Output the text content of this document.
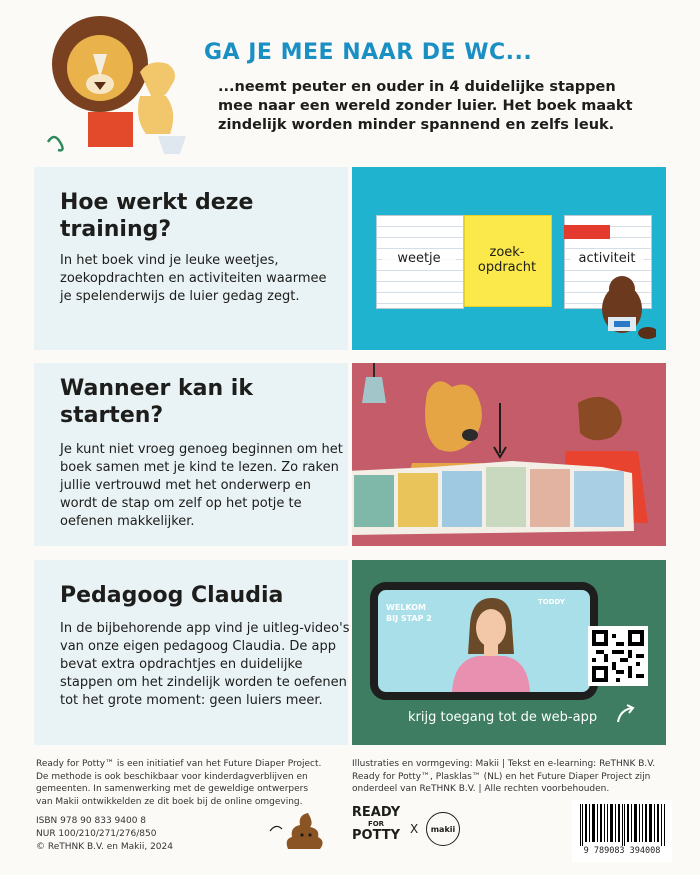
GA JE MEE NAAR DE WC...
...neemt peuter en ouder in 4 duidelijke stappen mee naar een wereld zonder luier. Het boek maakt zindelijk worden minder spannend en zelfs leuk.
Hoe werkt deze training?

In het boek vind je leuke weetjes, zoekopdrachten en activiteiten waarmee je spelenderwijs de luier gedag zegt.

weetje	zoek-opdracht
activiteit
Wanneer kan ik starten?

Je kunt niet vroeg genoeg beginnen om het boek samen met je kind te lezen. Zo raken jullie vertrouwd met het onderwerp en wordt de stap om zelf op het potje te oefenen makkelijker.

Pedagoog Claudia

In de bijbehorende app vind je uitleg-video's van onze eigen pedagoog Claudia. De app bevat extra opdrachtjes en duidelijke stappen om het zindelijk worden te oefenen tot het grote moment: geen luiers meer.

WELKOM BIJ STAP 2
TODDY
krijg toegang tot de web-app
Ready for Potty™ is een initiatief van het Future Diaper Project. De methode is ook beschikbaar voor kinderdagverblijven en gemeenten. In samenwerking met de geweldige ontwerpers van Makii ontwikkelden ze dit boek bij de online omgeving.
Illustraties en vormgeving: Makii | Tekst en e-learning: ReTHNK B.V. Ready for Potty™, Plasklas™ (NL) en het Future Diaper Project zijn onderdeel van ReTHNK B.V. | Alle rechten voorbehouden.
ISBN 978 90 833 9400 8
NUR 100/210/271/276/850
© ReTHNK B.V. en Makii, 2024
READY
FOR
POTTY X makii
9 789083 394008
